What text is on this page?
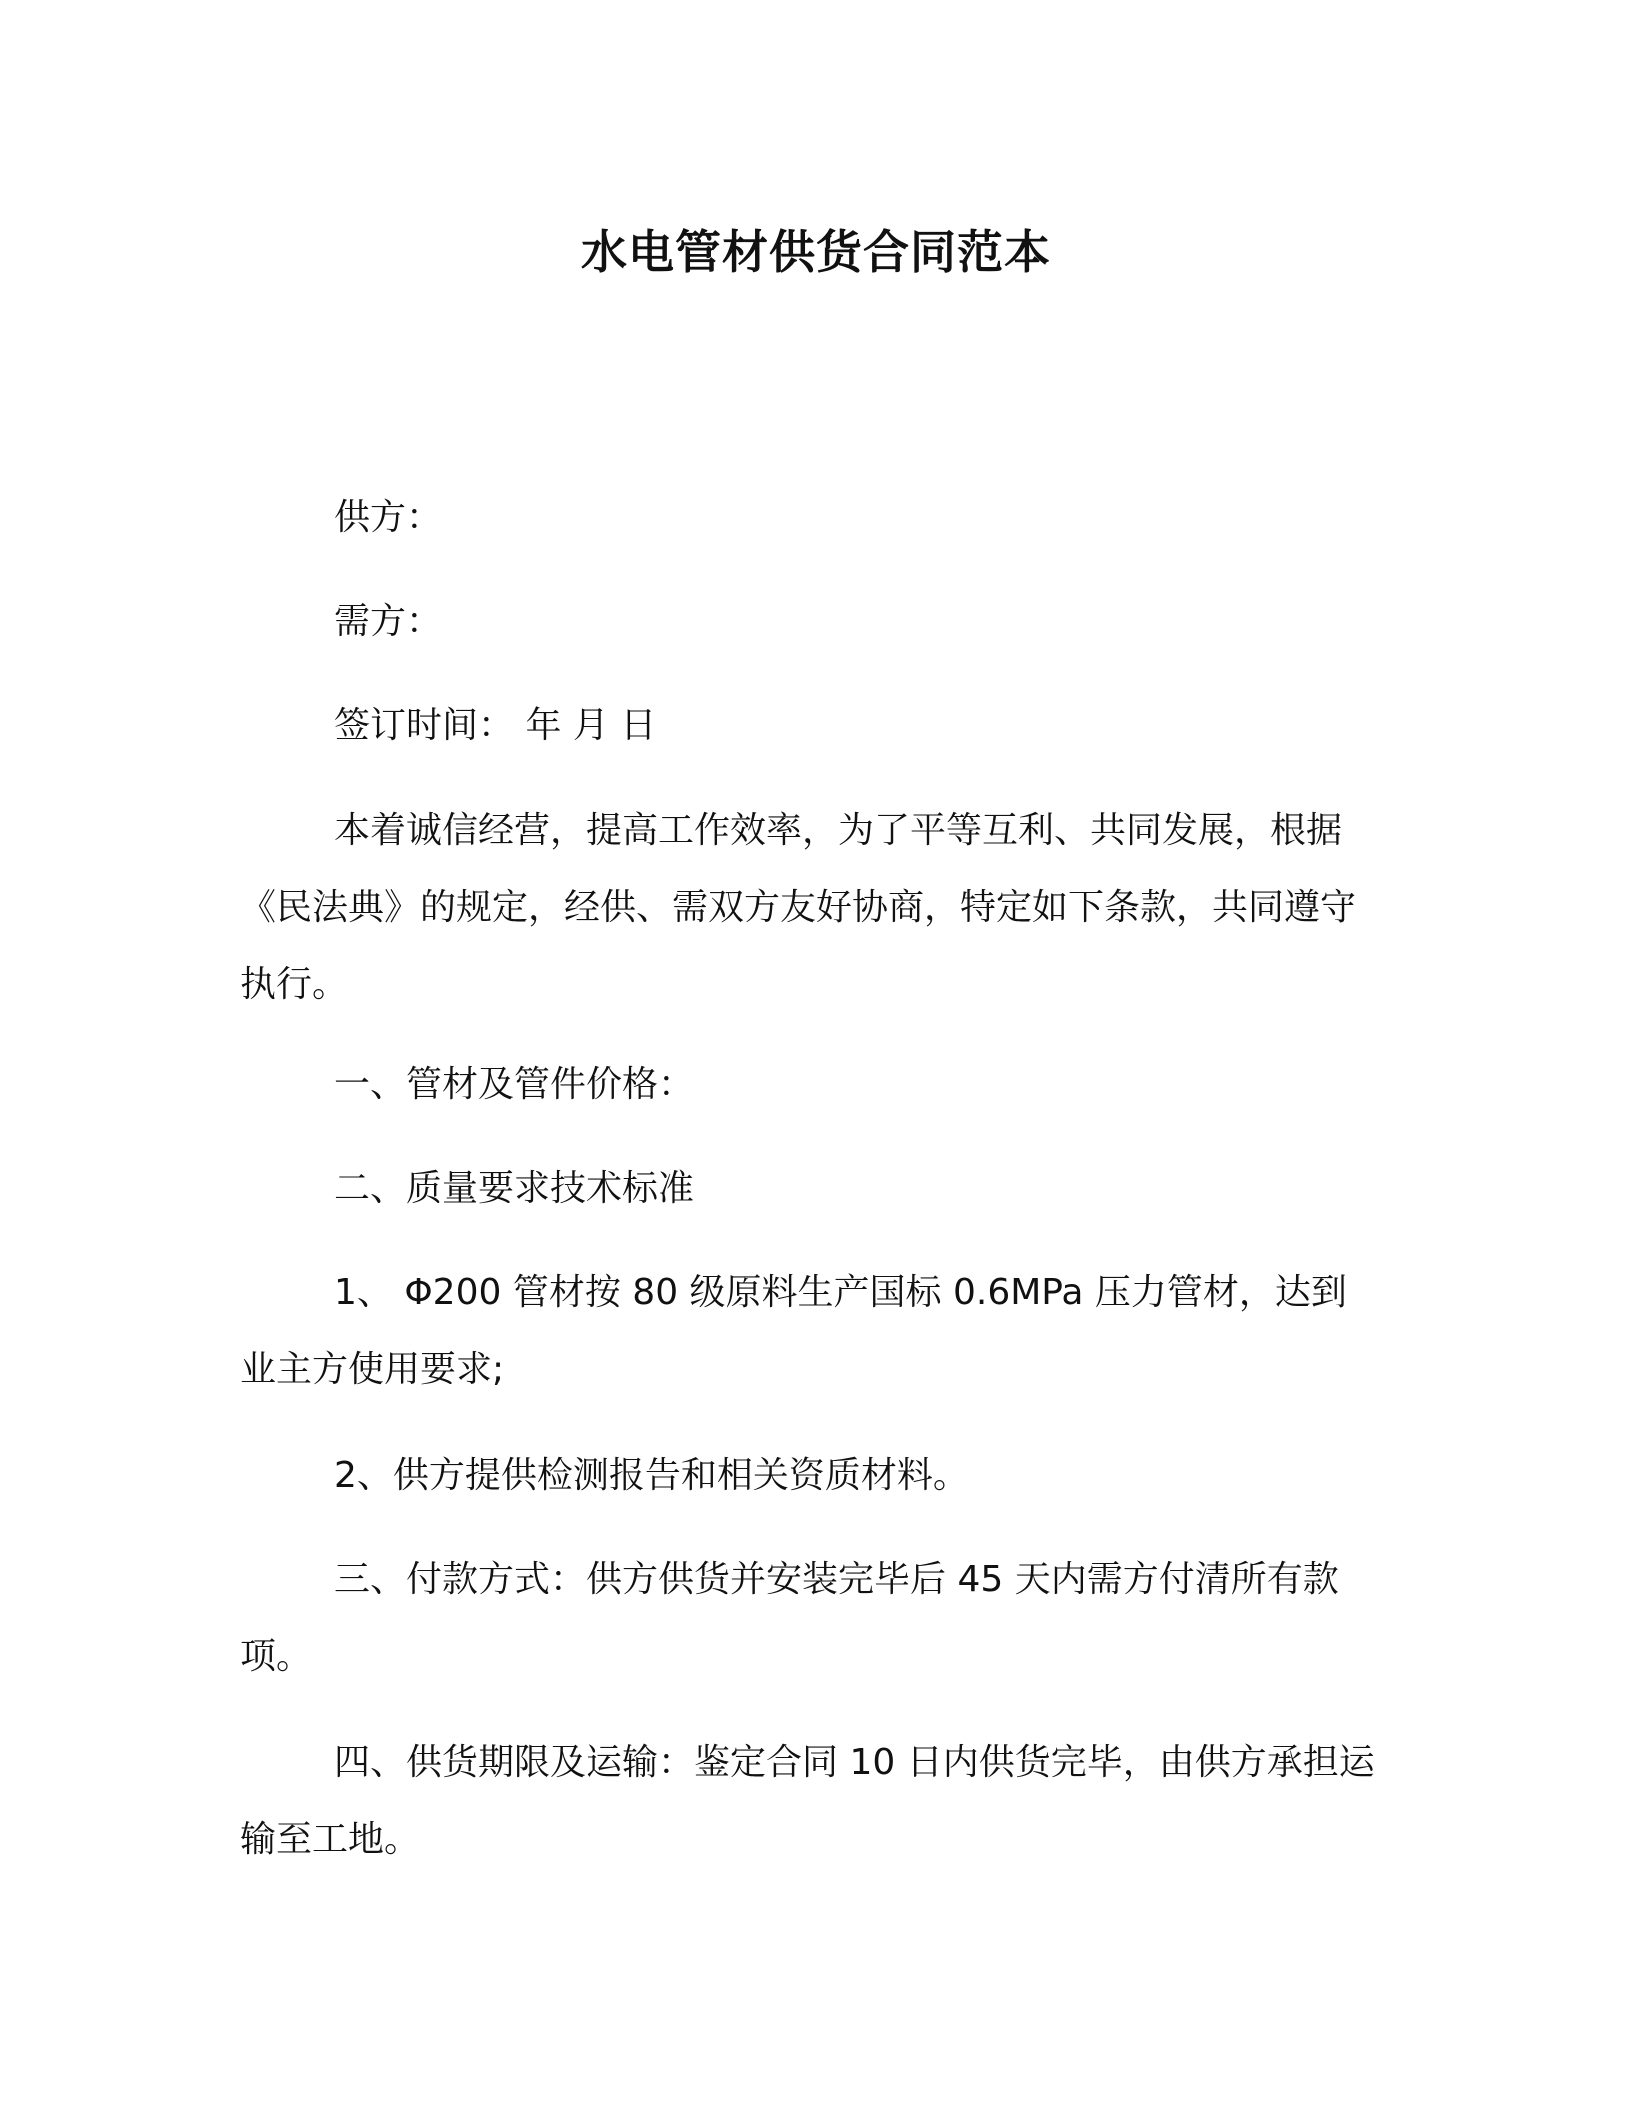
水电管材供货合同范本

供方：

需方：

签订时间： 年 月 日

本着诚信经营，提高工作效率，为了平等互利、共同发展，根据《民法典》的规定，经供、需双方友好协商，特定如下条款，共同遵守执行。

一、管材及管件价格：

二、质量要求技术标准

1、 Φ200 管材按 80 级原料生产国标 0.6MPa 压力管材，达到业主方使用要求;

2、供方提供检测报告和相关资质材料。

三、付款方式：供方供货并安装完毕后 45 天内需方付清所有款项。

四、供货期限及运输：鉴定合同 10 日内供货完毕，由供方承担运输至工地。
